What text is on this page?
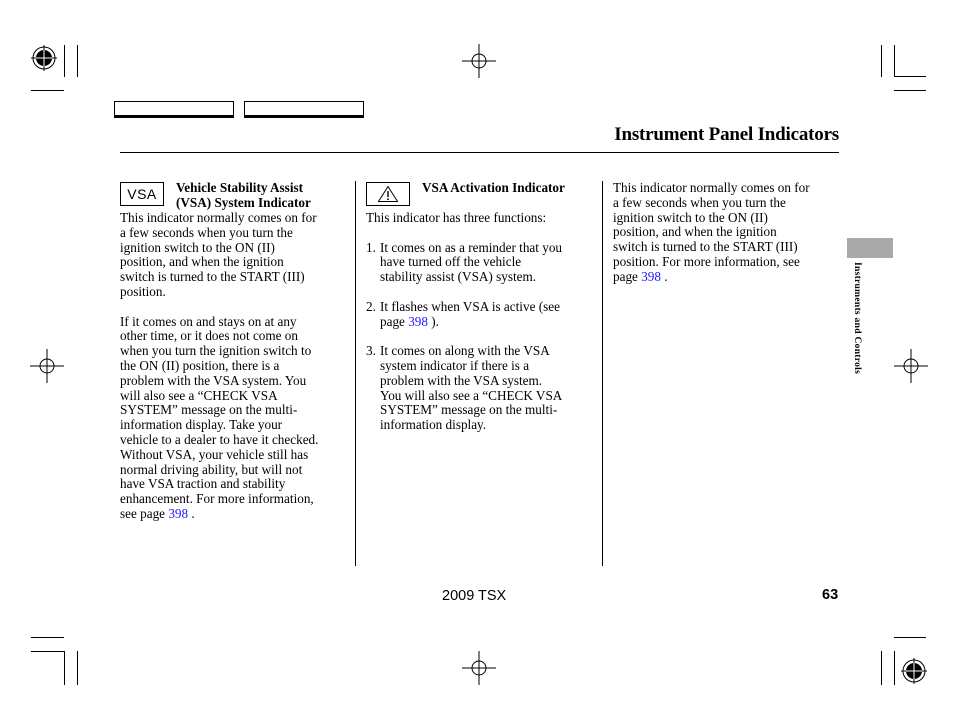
Instrument Panel Indicators
VSA Vehicle Stability Assist
(VSA) System Indicator
This indicator normally comes on for
a few seconds when you turn the
ignition switch to the ON (II)
position, and when the ignition
switch is turned to the START (III)
position.
If it comes on and stays on at any
other time, or it does not come on
when you turn the ignition switch to
the ON (II) position, there is a
problem with the VSA system. You
will also see a “CHECK VSA
SYSTEM” message on the multi-
information display. Take your
vehicle to a dealer to have it checked.
Without VSA, your vehicle still has
normal driving ability, but will not
have VSA traction and stability
enhancement. For more information,
see page 398 .
VSA Activation Indicator
This indicator has three functions:
1. It comes on as a reminder that you
have turned off the vehicle
stability assist (VSA) system.
2. It flashes when VSA is active (see
page 398 ).
3. It comes on along with the VSA
system indicator if there is a
problem with the VSA system.
You will also see a “CHECK VSA
SYSTEM” message on the multi-
information display.
This indicator normally comes on for
a few seconds when you turn the
ignition switch to the ON (II)
position, and when the ignition
switch is turned to the START (III)
position. For more information, see
page 398 .	Instruments and Controls
2009 TSX	63
